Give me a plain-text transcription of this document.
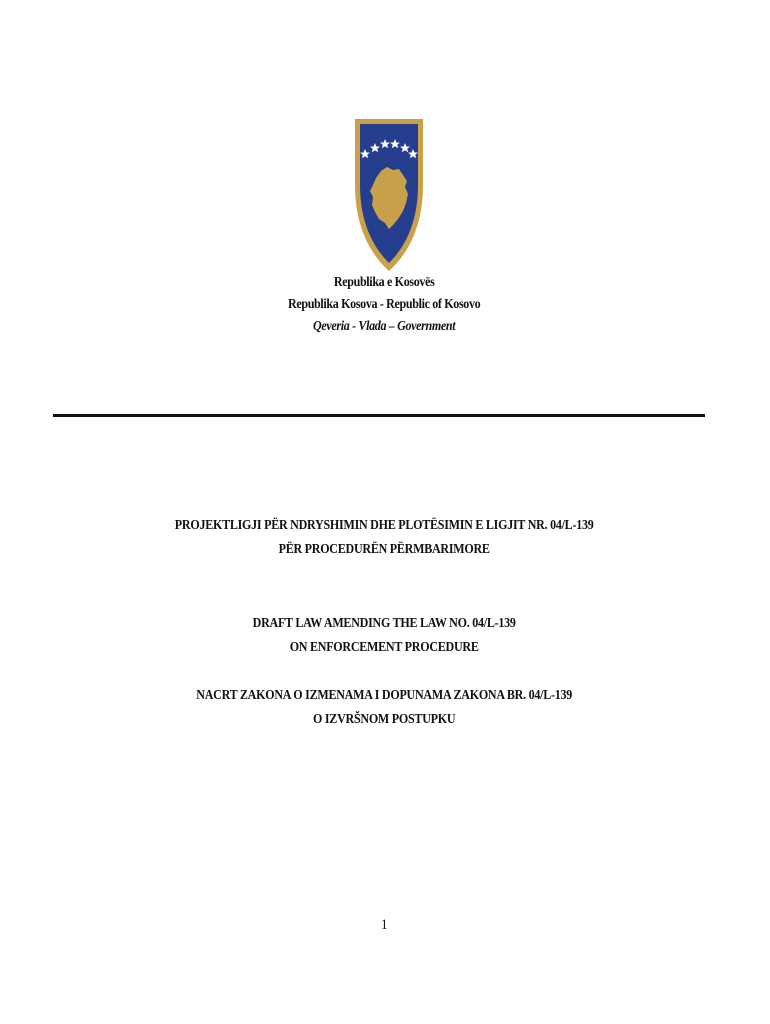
Republika e Kosovës
Republika Kosova - Republic of Kosovo
Qeveria - Vlada – Government
PROJEKTLIGJI PËR NDRYSHIMIN DHE PLOTËSIMIN E LIGJIT NR. 04/L-139
PËR PROCEDURËN PËRMBARIMORE
DRAFT LAW AMENDING THE LAW NO. 04/L-139
ON ENFORCEMENT PROCEDURE
NACRT ZAKONA O IZMENAMA I DOPUNAMA ZAKONA BR. 04/L-139
O IZVRŠNOM POSTUPKU
1
